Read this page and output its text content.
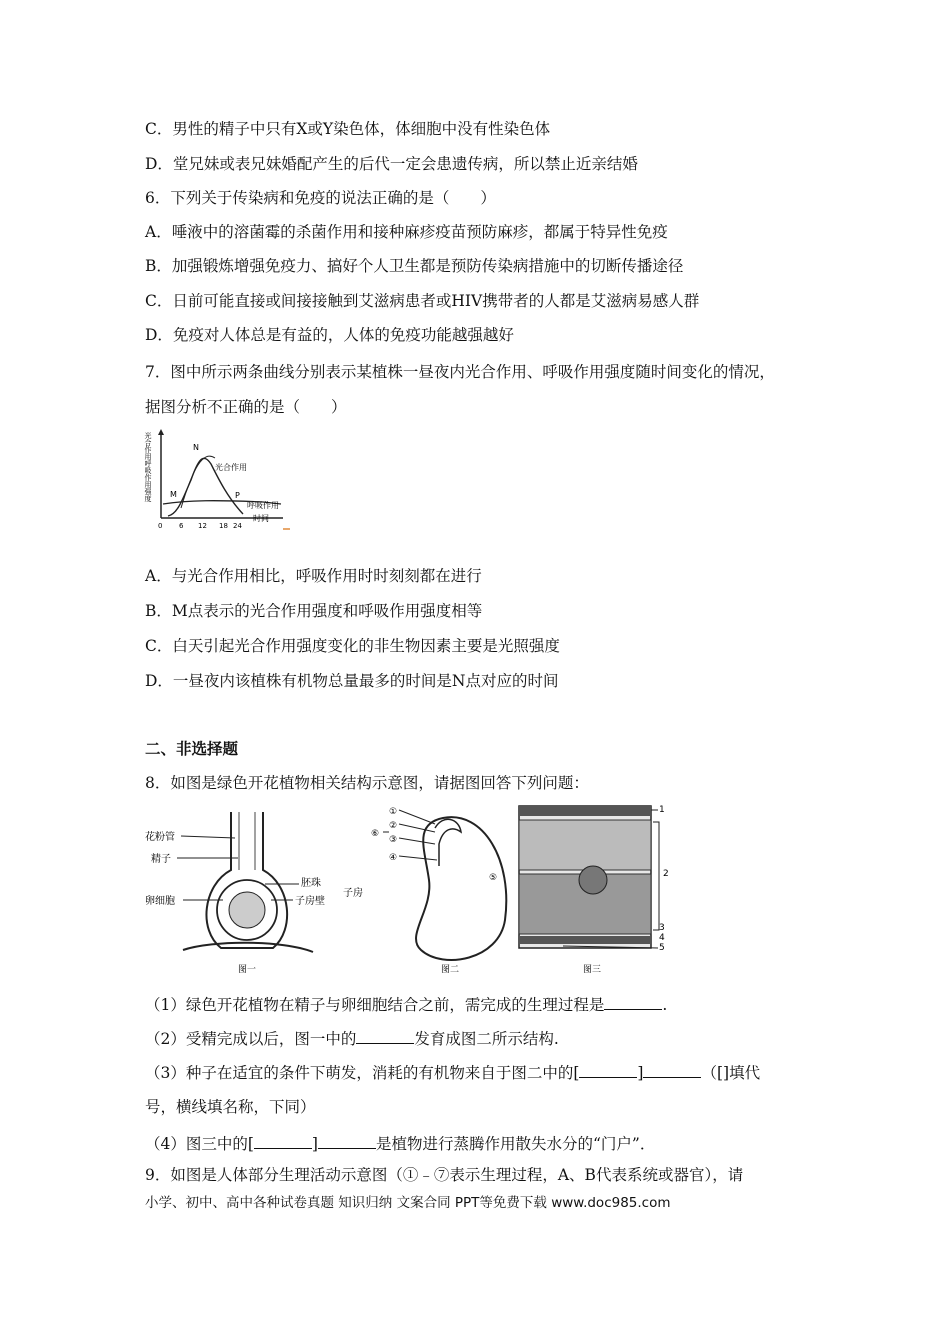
C．男性的精子中只有X或Y染色体，体细胞中没有性染色体
D．堂兄妹或表兄妹婚配产生的后代一定会患遗传病，所以禁止近亲结婚
6．下列关于传染病和免疫的说法正确的是（　　）
A．唾液中的溶菌霉的杀菌作用和接种麻疹疫苗预防麻疹，都属于特异性免疫
B．加强锻炼增强免疫力、搞好个人卫生都是预防传染病措施中的切断传播途径
C．日前可能直接或间接接触到艾滋病患者或HIV携带者的人都是艾滋病易感人群
D．免疫对人体总是有益的，人体的免疫功能越强越好
7．图中所示两条曲线分别表示某植株一昼夜内光合作用、呼吸作用强度随时间变化的情况，
据图分析不正确的是（　　）
光合作用呼吸作用强度 M
N
P
光合作用
呼吸作用
时间
0 6 12 18 24
A．与光合作用相比，呼吸作用时时刻刻都在进行
B．M点表示的光合作用强度和呼吸作用强度相等
C．白天引起光合作用强度变化的非生物因素主要是光照强度
D．一昼夜内该植株有机物总量最多的时间是N点对应的时间
二、非选择题
8．如图是绿色开花植物相关结构示意图，请据图回答下列问题：
花粉管
精子
卵细胞
胚珠
子房壁
子房
图一
①
②
③
④
⑤
⑥
图二
1
2
3
4
5
图三
（1）绿色开花植物在精子与卵细胞结合之前，需完成的生理过程是	.
（2）受精完成以后，图一中的	发育成图二所示结构.
（3）种子在适宜的条件下萌发，消耗的有机物来自于图二中的[	]	（[]填代
号，横线填名称，下同）
（4）图三中的[	]	是植物进行蒸腾作用散失水分的“门户”．
9．如图是人体部分生理活动示意图（①﹣⑦表示生理过程，A、B代表系统或器官），请
小学、初中、高中各种试卷真题 知识归纳 文案合同 PPT等免费下载 www.doc985.com
